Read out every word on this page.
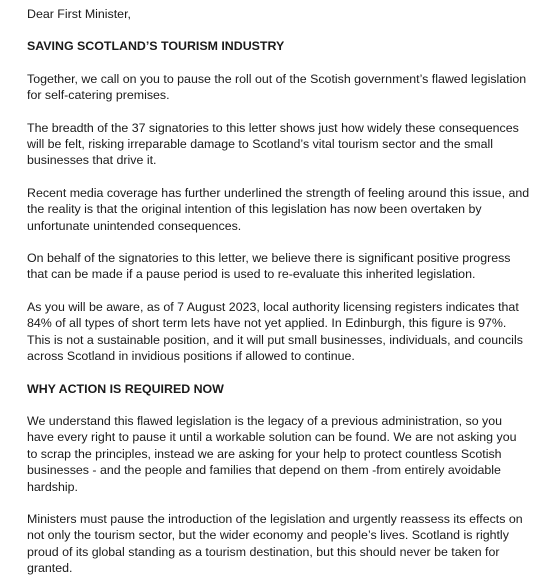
Dear First Minister,

SAVING SCOTLAND’S TOURISM INDUSTRY

Together, we call on you to pause the roll out of the Scotish government’s flawed legislation for self-catering premises.

The breadth of the 37 signatories to this letter shows just how widely these consequences will be felt, risking irreparable damage to Scotland’s vital tourism sector and the small businesses that drive it.

Recent media coverage has further underlined the strength of feeling around this issue, and the reality is that the original intention of this legislation has now been overtaken by unfortunate unintended consequences.

On behalf of the signatories to this letter, we believe there is significant positive progress that can be made if a pause period is used to re-evaluate this inherited legislation.

As you will be aware, as of 7 August 2023, local authority licensing registers indicates that 84% of all types of short term lets have not yet applied. In Edinburgh, this figure is 97%. This is not a sustainable position, and it will put small businesses, individuals, and councils across Scotland in invidious positions if allowed to continue.

WHY ACTION IS REQUIRED NOW

We understand this flawed legislation is the legacy of a previous administration, so you have every right to pause it until a workable solution can be found. We are not asking you to scrap the principles, instead we are asking for your help to protect countless Scotish businesses - and the people and families that depend on them -from entirely avoidable hardship.

Ministers must pause the introduction of the legislation and urgently reassess its effects on not only the tourism sector, but the wider economy and people’s lives. Scotland is rightly proud of its global standing as a tourism destination, but this should never be taken for granted.
